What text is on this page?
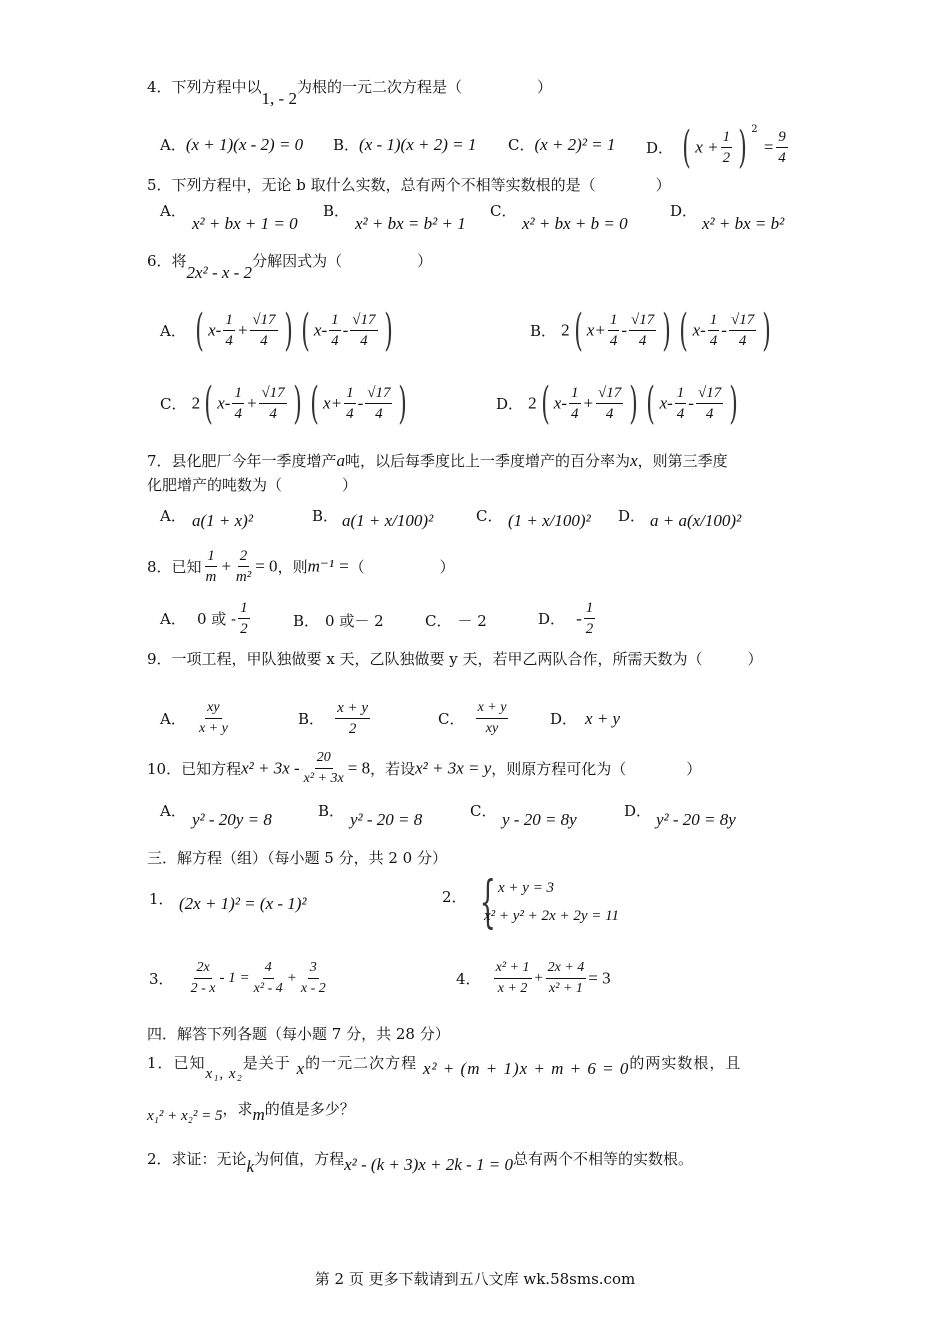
4．下列方程中以1, - 2为根的一元二次方程是（　　　　　）
A．(x + 1)(x - 2) = 0 B．(x - 1)(x + 2) = 1 C．(x + 2)² = 1 D． ( $x + \frac{1}{2}$ ) $^2 = \frac{9}{4}$
5．下列方程中，无论 b 取什么实数，总有两个不相等实数根的是（　　　　）
A．
x² + bx + 1 = 0
B．
x² + bx = b² + 1
C．
x² + bx + b = 0
D．
x² + bx = b²
6．将2x² - x - 2分解因式为（　　　　　）
A． ( $x- \frac{1}{4} + \frac{√17}{4}$ ) ( $x- \frac{1}{4} - \frac{√17}{4}$ )	B． 2( $x+ \frac{1}{4} - \frac{√17}{4}$ ) ( $x- \frac{1}{4} - \frac{√17}{4}$ )
C． 2( $x- \frac{1}{4} + \frac{√17}{4}$ ) ( $x+ \frac{1}{4} - \frac{√17}{4}$ )	D． 2( $x- \frac{1}{4} + \frac{√17}{4}$ ) ( $x- \frac{1}{4} - \frac{√17}{4}$ )
7．县化肥厂今年一季度增产a吨，以后每季度比上一季度增产的百分率为x，则第三季度
化肥增产的吨数为（　　　　）
A． a(1 + x)²	B． a(1 + x/100)²	C． (1 + x/100)² D． a + a(x/100)²
8．已知 $\frac{1}{m} + \frac{2}{\text{m²}} = 0$，则m⁻¹ =（　　　　　）
A． 0 或 - $\frac{1}{2}$	B． 0 或－ 2	C． － 2	D． - $\frac{1}{2}$
9．一项工程，甲队独做要 x 天，乙队独做要 y 天，若甲乙两队合作，所需天数为（　　　）
A． $\frac{xy}{x + y}$	B． $\frac{x + y}{2}$	C． $\frac{x + y}{xy}$	D． x + y
10．已知方程$x^2 + 3x - \frac{20}{\text{x² + 3x}} = 8$，若设x² + 3x = y，则原方程可化为（　　　　）
A． y² - 20y = 8	B． y² - 20 = 8	C． y - 20 = 8y	D． y² - 20 = 8y
三．解方程（组）（每小题 5 分，共 2 0 分）
1． (2x + 1)² = (x - 1)²	2． { x + y = 3
x² + y² + 2x + 2y = 11
3． $\frac{2x}{2 - x} - 1 = \frac{4}{\text{x² - 4}} + \frac{3}{x - 2}$	4． $\frac{\text{x² + 1}}{x + 2} + \frac{2x + 4}{\text{x² + 1}} = 3$
四．解答下列各题（每小题 7 分，共 28 分）
1．已知x₁, x₂是关于 x的一元二次方程 x² + (m + 1)x + m + 6 = 0的两实数根，且
x₁² + x₂² = 5，求m的值是多少？
2．求证：无论k为何值，方程x² - (k + 3)x + 2k - 1 = 0总有两个不相等的实数根。
第 2 页 更多下载请到五八文库 wk.58sms.com
